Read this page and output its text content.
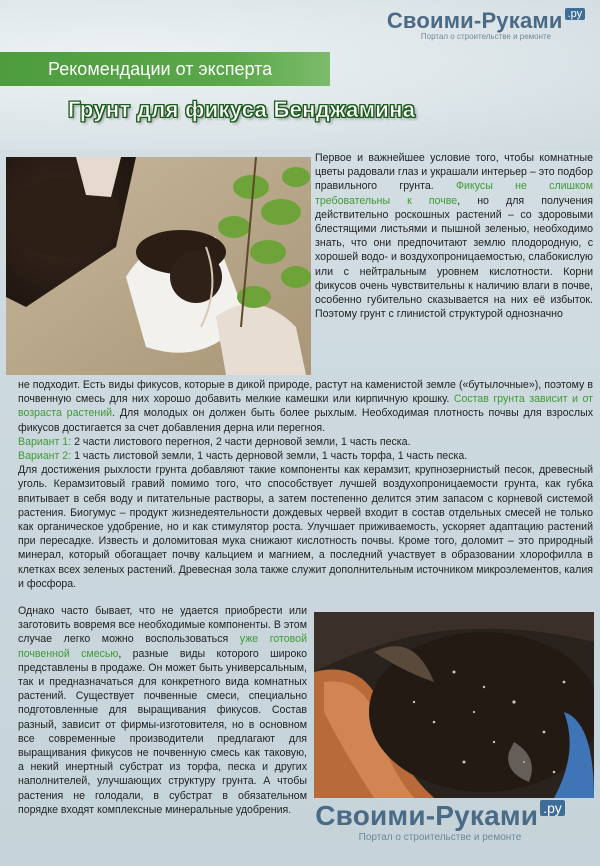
Своими-Руками .ру
Портал о строительстве и ремонте
Рекомендации от эксперта
Грунт для фикуса Бенджамина

Первое и важнейшее условие того, чтобы комнатные цветы радовали глаз и украшали интерьер – это подбор правильного грунта. Фикусы не слишком требовательны к почве, но для получения действительно роскошных растений – со здоровыми блестящими листьями и пышной зеленью, необходимо знать, что они предпочитают землю плодородную, с хорошей водо- и воздухопроницаемостью, слабокислую или с нейтральным уровнем кислотности. Корни фикусов очень чувствительны к наличию влаги в почве, особенно губительно сказывается на них её избыток. Поэтому грунт с глинистой структурой однозначно

не подходит. Есть виды фикусов, которые в дикой природе, растут на каменистой земле («бутылочные»), поэтому в почвенную смесь для них хорошо добавить мелкие камешки или кирпичную крошку. Состав грунта зависит и от возраста растений. Для молодых он должен быть более рыхлым. Необходимая плотность почвы для взрослых фикусов достигается за счет добавления дерна или перегноя.
Вариант 1: 2 части листового перегноя, 2 части дерновой земли, 1 часть песка.
Вариант 2: 1 часть листовой земли, 1 часть дерновой земли, 1 часть торфа, 1 часть песка.
Для достижения рыхлости грунта добавляют такие компоненты как керамзит, крупнозернистый песок, древесный уголь. Керамзитовый гравий помимо того, что способствует лучшей воздухопроницаемости грунта, как губка впитывает в себя воду и питательные растворы, а затем постепенно делится этим запасом с корневой системой растения. Биогумус – продукт жизнедеятельности дождевых червей входит в состав отдельных смесей не только как органическое удобрение, но и как стимулятор роста. Улучшает приживаемость, ускоряет адаптацию растений при пересадке. Известь и доломитовая мука снижают кислотность почвы. Кроме того, доломит – это природный минерал, который обогащает почву кальцием и магнием, а последний участвует в образовании хлорофилла в клетках всех зеленых растений. Древесная зола также служит дополнительным источником микроэлементов, калия и фосфора.

Однако часто бывает, что не удается приобрести или заготовить вовремя все необходимые компоненты. В этом случае легко можно воспользоваться уже готовой почвенной смесью, разные виды которого широко представлены в продаже. Он может быть универсальным, так и предназначаться для конкретного вида комнатных растений. Существует почвенные смеси, специально подготовленные для выращивания фикусов. Состав разный, зависит от фирмы-изготовителя, но в основном все современные производители предлагают для выращивания фикусов не почвенную смесь как таковую, а некий инертный субстрат из торфа, песка и других наполнителей, улучшающих структуру грунта. А чтобы растения не голодали, в субстрат в обязательном порядке входят комплексные минеральные удобрения. Своими-Руками .ру
Портал о строительстве и ремонте
